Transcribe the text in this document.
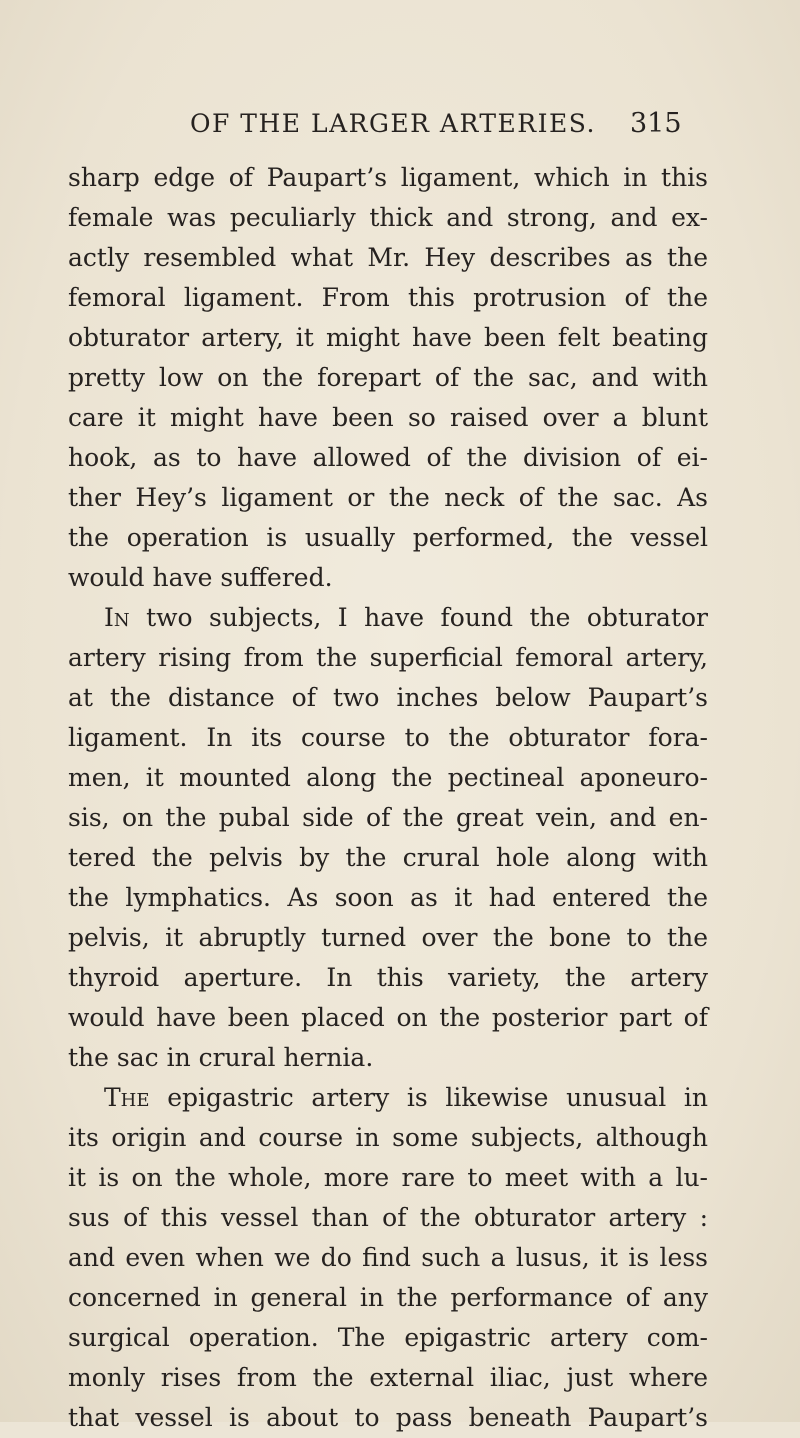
OF THE LARGER ARTERIES. 315
sharp edge of Paupart’s ligament, which in this
female was peculiarly thick and strong, and ex-
actly resembled what Mr. Hey describes as the
femoral ligament. From this protrusion of the
obturator artery, it might have been felt beating
pretty low on the forepart of the sac, and with
care it might have been so raised over a blunt
hook, as to have allowed of the division of ei-
ther Hey’s ligament or the neck of the sac. As
the operation is usually performed, the vessel
would have suffered.
In two subjects, I have found the obturator
artery rising from the superficial femoral artery,
at the distance of two inches below Paupart’s
ligament. In its course to the obturator fora-
men, it mounted along the pectineal aponeuro-
sis, on the pubal side of the great vein, and en-
tered the pelvis by the crural hole along with
the lymphatics. As soon as it had entered the
pelvis, it abruptly turned over the bone to the
thyroid aperture. In this variety, the artery
would have been placed on the posterior part of
the sac in crural hernia.
The epigastric artery is likewise unusual in
its origin and course in some subjects, although
it is on the whole, more rare to meet with a lu-
sus of this vessel than of the obturator artery :
and even when we do find such a lusus, it is less
concerned in general in the performance of any
surgical operation. The epigastric artery com-
monly rises from the external iliac, just where
that vessel is about to pass beneath Paupart’s
